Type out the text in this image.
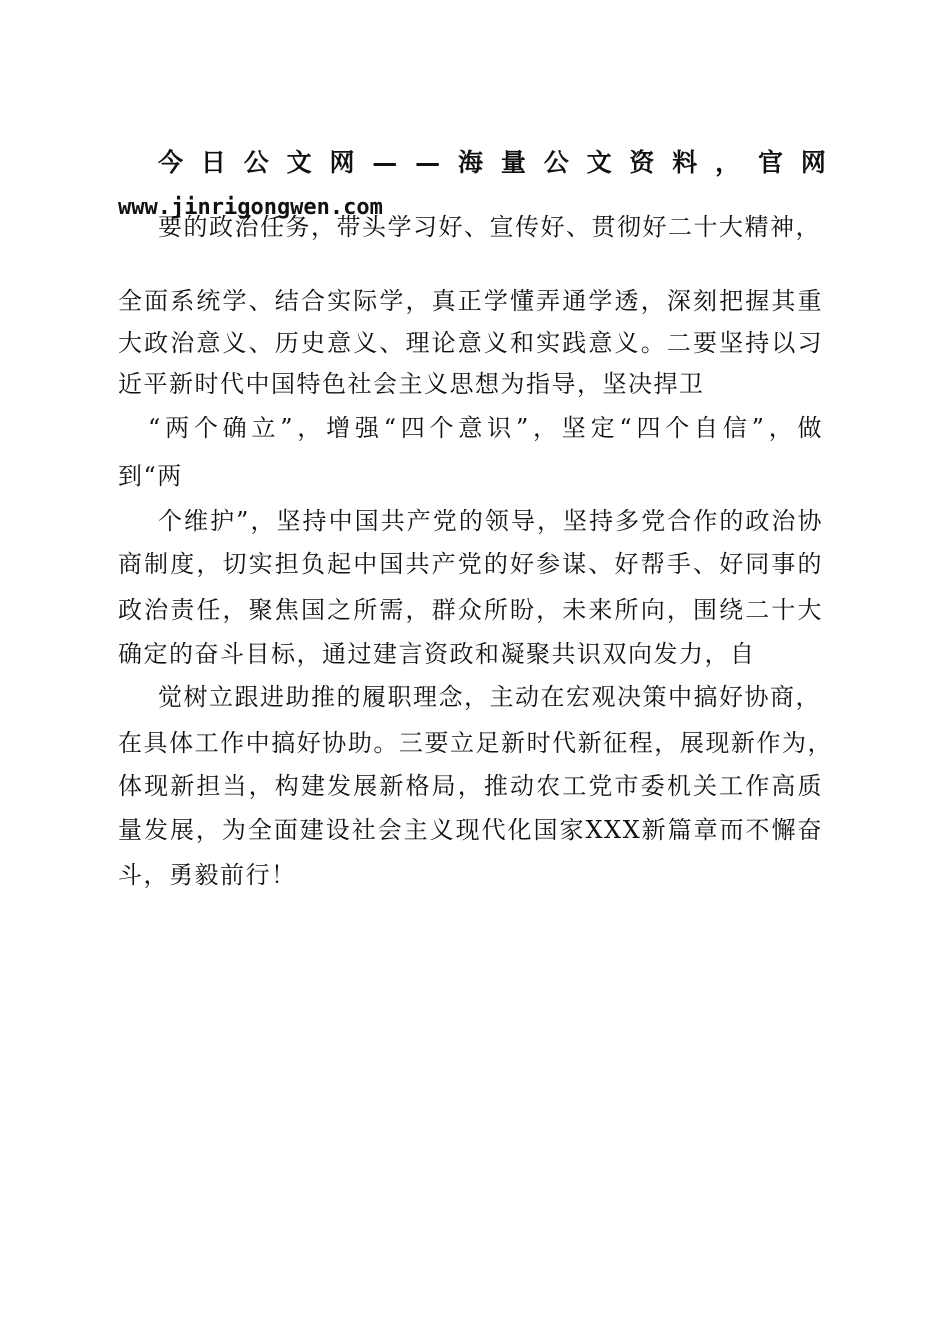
今 日 公 文 网 — — 海 量 公 文 资 料 ， 官 网
www.jinrigongwen.com
要的政治任务，带头学习好、宣传好、贯彻好二十大精神，
全面系统学、结合实际学，真正学懂弄通学透，深刻把握其重
大政治意义、历史意义、理论意义和实践意义。二要坚持以习
近平新时代中国特色社会主义思想为指导，坚决捍卫
“两个确立”，增强“四个意识”，坚定“四个自信”，做
到“两
个维护”，坚持中国共产党的领导，坚持多党合作的政治协
商制度，切实担负起中国共产党的好参谋、好帮手、好同事的
政治责任，聚焦国之所需，群众所盼，未来所向，围绕二十大
确定的奋斗目标，通过建言资政和凝聚共识双向发力，自
觉树立跟进助推的履职理念，主动在宏观决策中搞好协商，
在具体工作中搞好协助。三要立足新时代新征程，展现新作为，
体现新担当，构建发展新格局，推动农工党市委机关工作高质
量发展，为全面建设社会主义现代化国家XXX新篇章而不懈奋
斗，勇毅前行！
